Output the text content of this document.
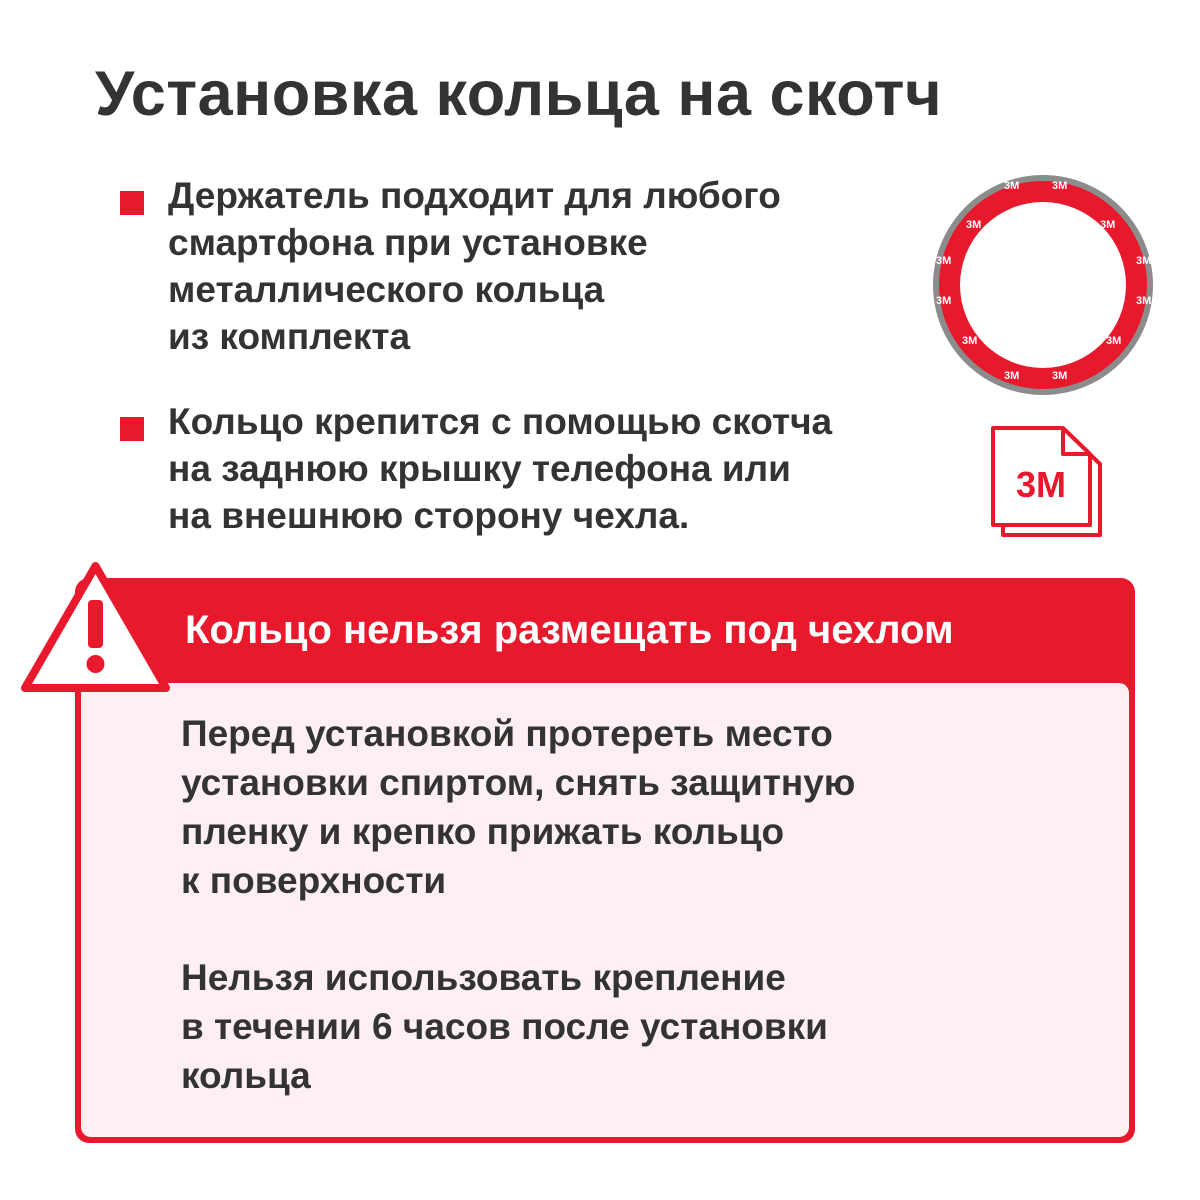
Установка кольца на скотч
Держатель подходит для любого
смартфона при установке
металлического кольца
из комплекта
Кольцо крепится с помощью скотча
на заднюю крышку телефона или
на внешнюю сторону чехла.
3M	3M
3M	3M
3M	3M
3M	3M
3M	3M
3M	3M
3M
Кольцо нельзя размещать под чехлом
Перед установкой протереть место
установки спиртом, снять защитную
пленку и крепко прижать кольцо
к поверхности
Нельзя использовать крепление
в течении 6 часов после установки
кольца
